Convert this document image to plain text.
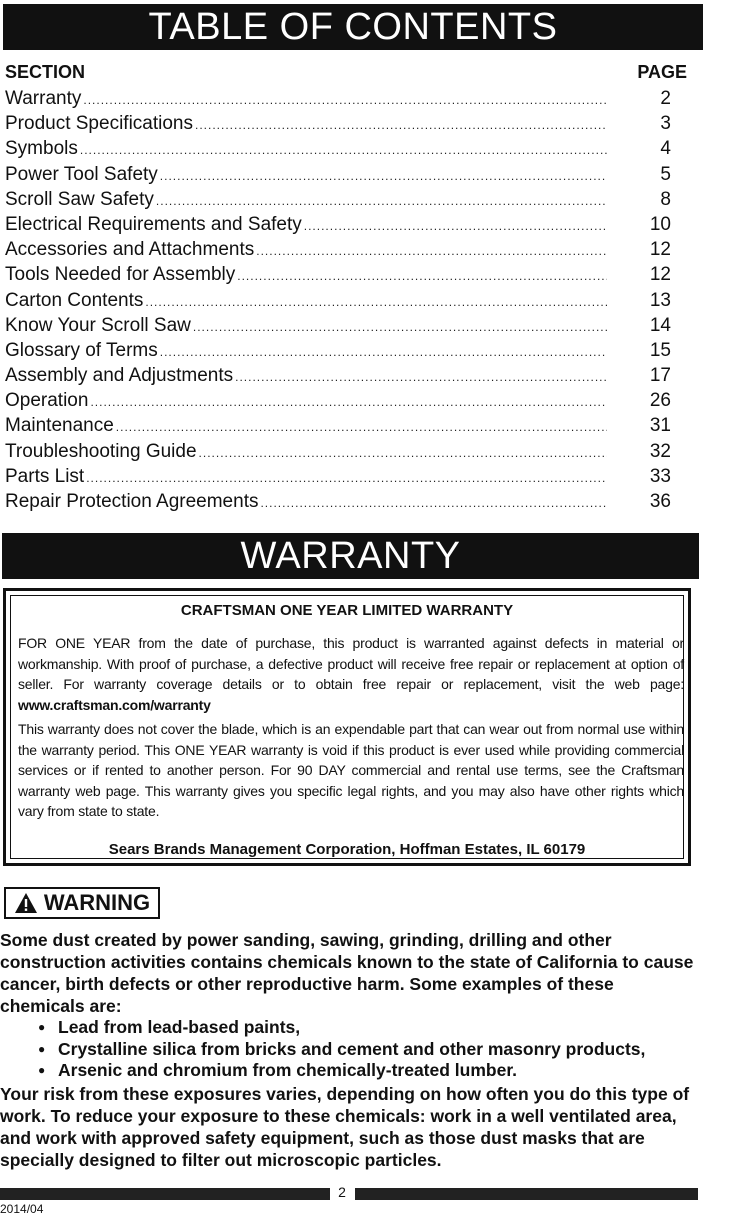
TABLE OF CONTENTS
SECTION	PAGE
Warranty .....	2
Product Specifications .....	3
Symbols .....	4
Power Tool Safety .....	5
Scroll Saw Safety .....	8
Electrical Requirements and Safety .....	10
Accessories and Attachments .....	12
Tools Needed for Assembly .....	12
Carton Contents .....	13
Know Your Scroll Saw .....	14
Glossary of Terms .....	15
Assembly and Adjustments .....	17
Operation .....	26
Maintenance .....	31
Troubleshooting Guide .....	32
Parts List .....	33
Repair Protection Agreements .....	36
WARRANTY
CRAFTSMAN ONE YEAR LIMITED WARRANTY
FOR ONE YEAR from the date of purchase, this product is warranted against defects in material or workmanship. With proof of purchase, a defective product will receive free repair or replacement at option of seller. For warranty coverage details or to obtain free repair or replacement, visit the web page: www.craftsman.com/warranty
This warranty does not cover the blade, which is an expendable part that can wear out from normal use within the warranty period. This ONE YEAR warranty is void if this product is ever used while providing commercial services or if rented to another person. For 90 DAY commercial and rental use terms, see the Craftsman warranty web page. This warranty gives you specific legal rights, and you may also have other rights which vary from state to state.
Sears Brands Management Corporation, Hoffman Estates, IL 60179
WARNING

Some dust created by power sanding, sawing, grinding, drilling and other construction activities contains chemicals known to the state of California to cause cancer, birth defects or other reproductive harm. Some examples of these chemicals are:

● Lead from lead-based paints,
● Crystalline silica from bricks and cement and other masonry products,
● Arsenic and chromium from chemically-treated lumber.

Your risk from these exposures varies, depending on how often you do this type of work. To reduce your exposure to these chemicals: work in a well ventilated area, and work with approved safety equipment, such as those dust masks that are specially designed to filter out microscopic particles.

2
2014/04
